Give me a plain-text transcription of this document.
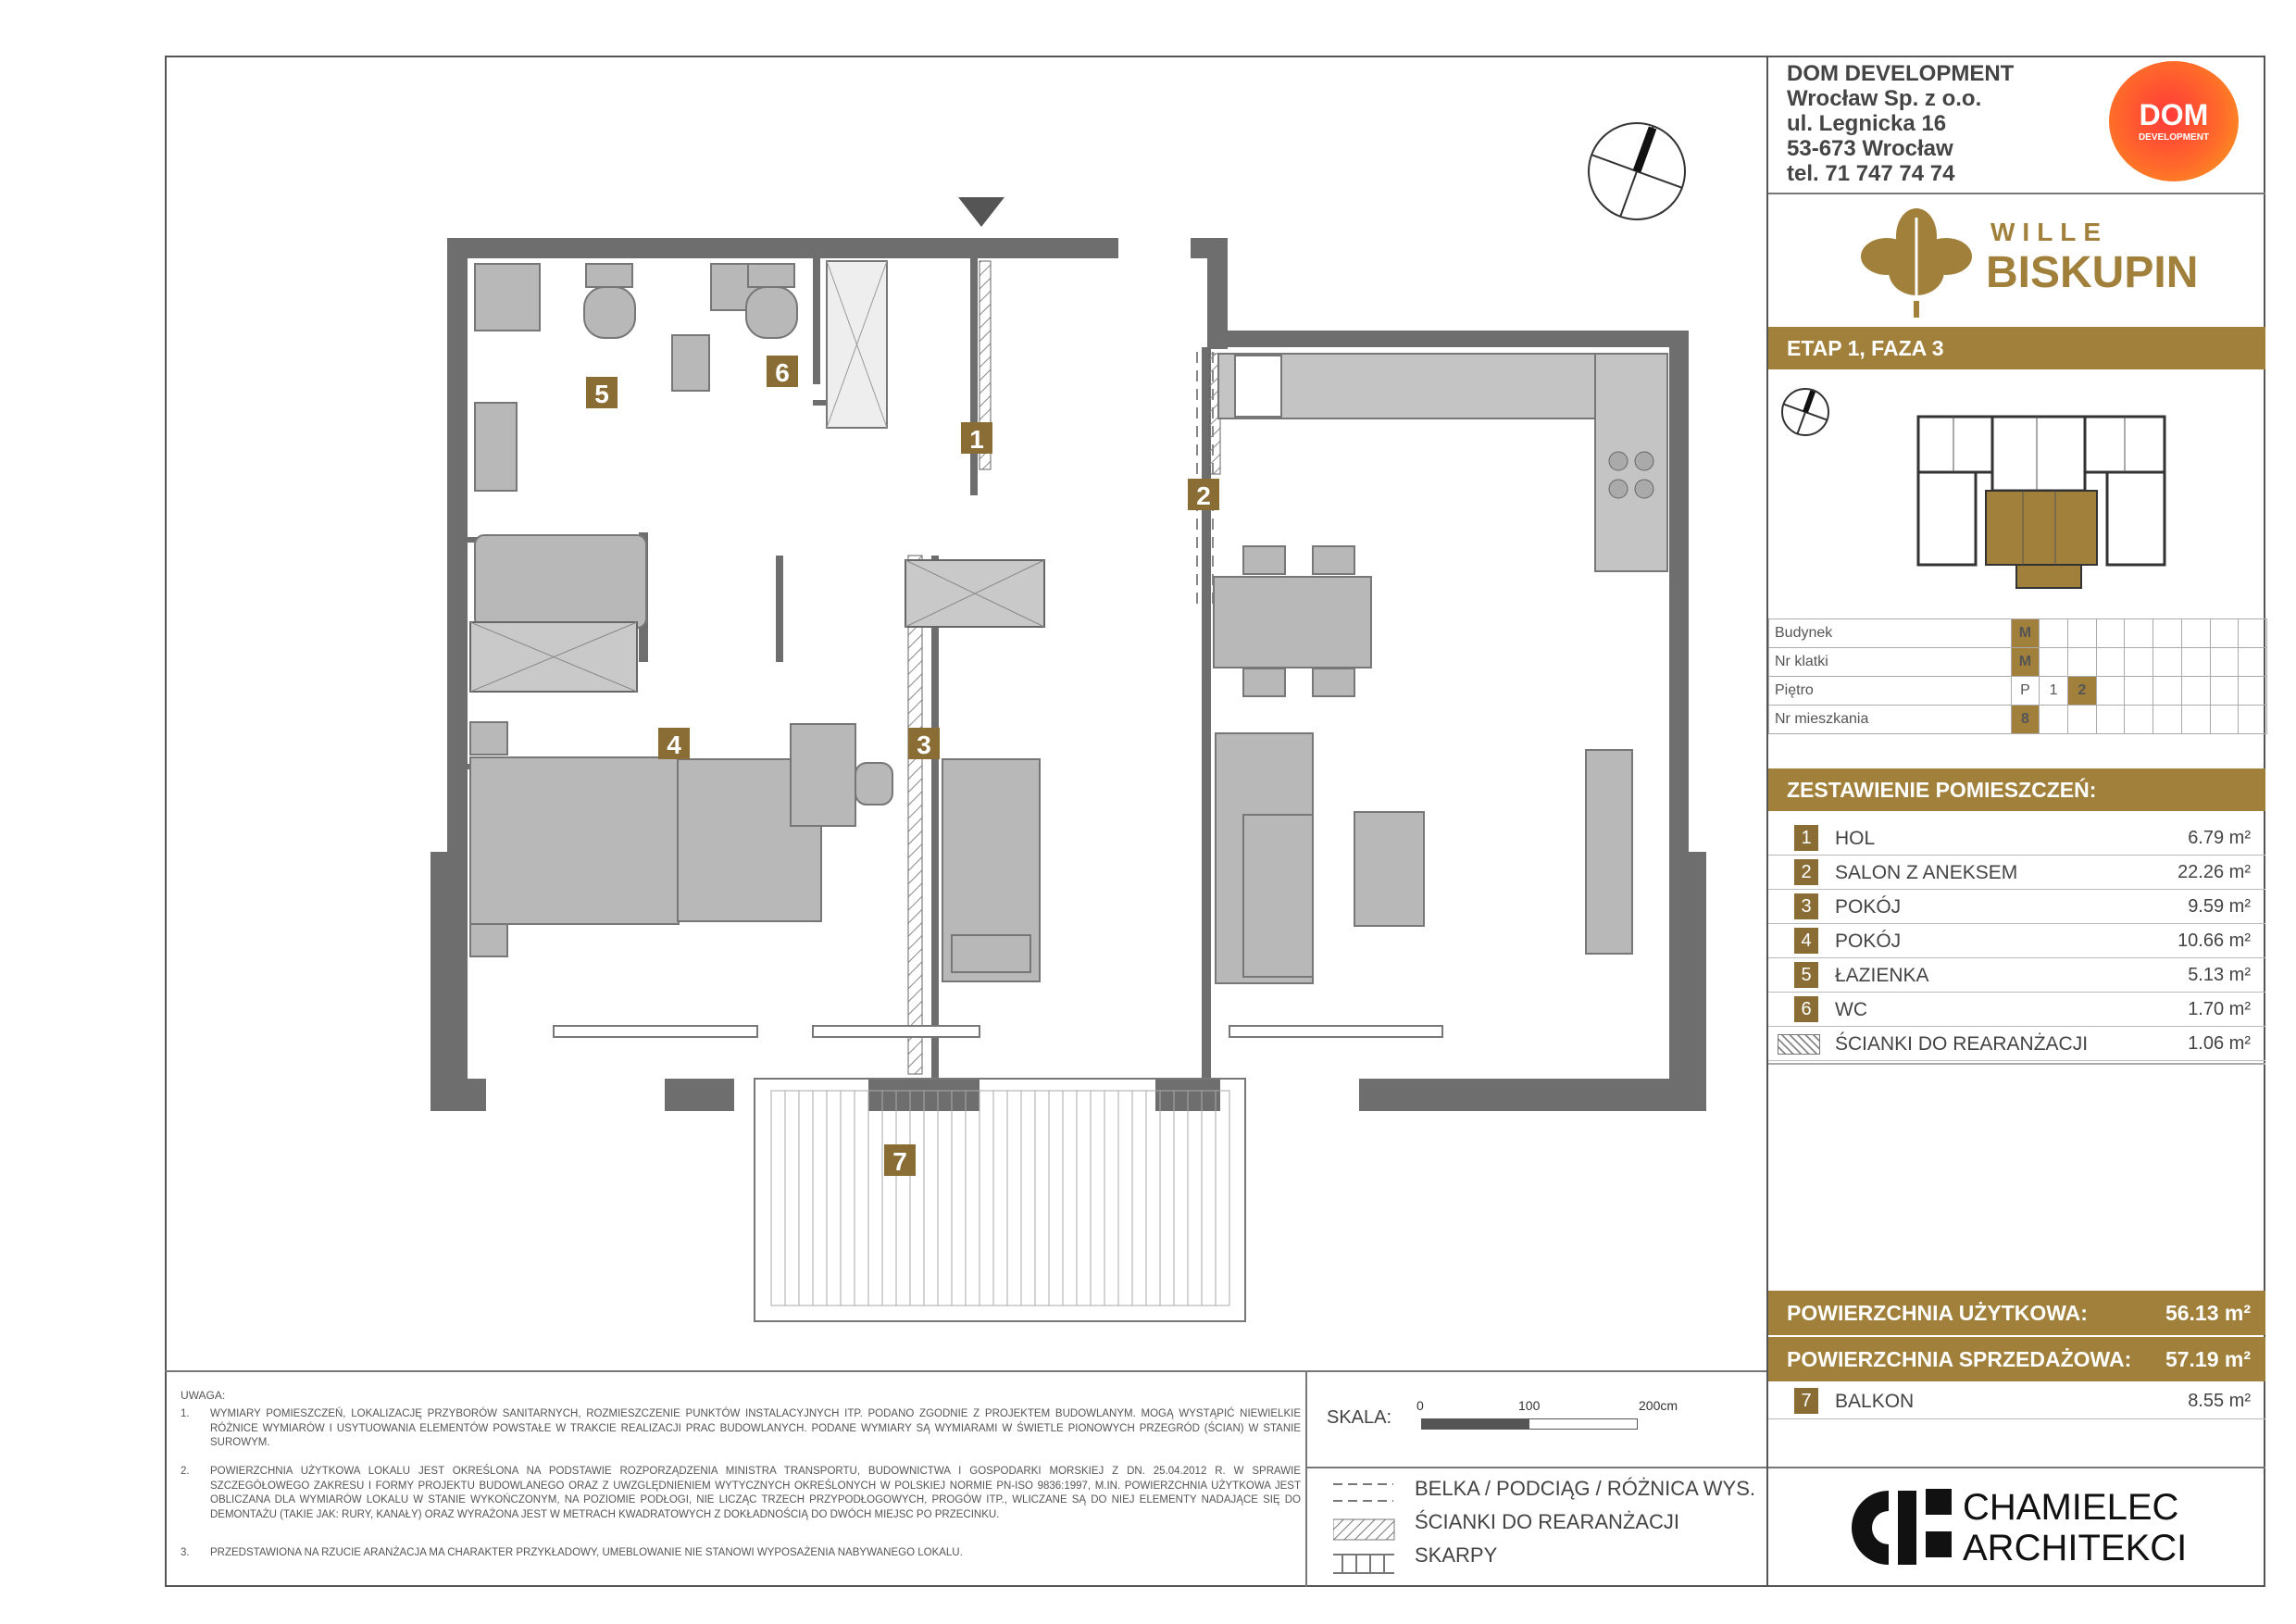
1
2
3
4
5
6
7
UWAGA:
1. WYMIARY POMIESZCZEŃ, LOKALIZACJĘ PRZYBORÓW SANITARNYCH, ROZMIESZCZENIE PUNKTÓW INSTALACYJNYCH ITP. PODANO ZGODNIE Z PROJEKTEM BUDOWLANYM. MOGĄ WYSTĄPIĆ NIEWIELKIE RÓŻNICE WYMIARÓW I USYTUOWANIA ELEMENTÓW POWSTAŁE W TRAKCIE REALIZACJI PRAC BUDOWLANYCH. PODANE WYMIARY SĄ WYMIARAMI W ŚWIETLE PIONOWYCH PRZEGRÓD (ŚCIAN) W STANIE SUROWYM.
2. POWIERZCHNIA UŻYTKOWA LOKALU JEST OKREŚLONA NA PODSTAWIE ROZPORZĄDZENIA MINISTRA TRANSPORTU, BUDOWNICTWA I GOSPODARKI MORSKIEJ Z DN. 25.04.2012 R. W SPRAWIE SZCZEGÓŁOWEGO ZAKRESU I FORMY PROJEKTU BUDOWLANEGO ORAZ Z UWZGLĘDNIENIEM WYTYCZNYCH OKREŚLONYCH W POLSKIEJ NORMIE PN-ISO 9836:1997, M.IN. POWIERZCHNIA UŻYTKOWA JEST OBLICZANA DLA WYMIARÓW LOKALU W STANIE WYKOŃCZONYM, NA POZIOMIE PODŁOGI, NIE LICZĄC TRZECH PRZYPODŁOGOWYCH, PROGÓW ITP., WLICZANE SĄ DO NIEJ ELEMENTY NADAJĄCE SIĘ DO DEMONTAŻU (TAKIE JAK: RURY, KANAŁY) ORAZ WYRAŻONA JEST W METRACH KWADRATOWYCH Z DOKŁADNOŚCIĄ DO DWÓCH MIEJSC PO PRZECINKU.
3. PRZEDSTAWIONA NA RZUCIE ARANŻACJA MA CHARAKTER PRZYKŁADOWY, UMEBLOWANIE NIE STANOWI WYPOSAŻENIA NABYWANEGO LOKALU.
SKALA:
0	100	200cm
BELKA / PODCIĄG / RÓŻNICA WYS.
ŚCIANKI DO REARANŻACJI
SKARPY
DOM DEVELOPMENT
Wrocław Sp. z o.o.
ul. Legnicka 16
53-673 Wrocław
tel. 71 747 74 74
DOM
DEVELOPMENT
WILLE
BISKUPIN
ETAP 1, FAZA 3
Budynek	M								
Nr klatki	M								
Piętro	P	1	2						
Nr mieszkania	8								
ZESTAWIENIE POMIESZCZEŃ:
1	HOL	6.79 m²
2	SALON Z ANEKSEM	22.26 m²
3	POKÓJ	9.59 m²
4	POKÓJ	10.66 m²
5	ŁAZIENKA	5.13 m²
6	WC	1.70 m²
ŚCIANKI DO REARANŻACJI	1.06 m²
POWIERZCHNIA UŻYTKOWA:	56.13 m²
POWIERZCHNIA SPRZEDAŻOWA: 57.19 m²
7	BALKON	8.55 m²
CHAMIELEC
ARCHITEKCI
